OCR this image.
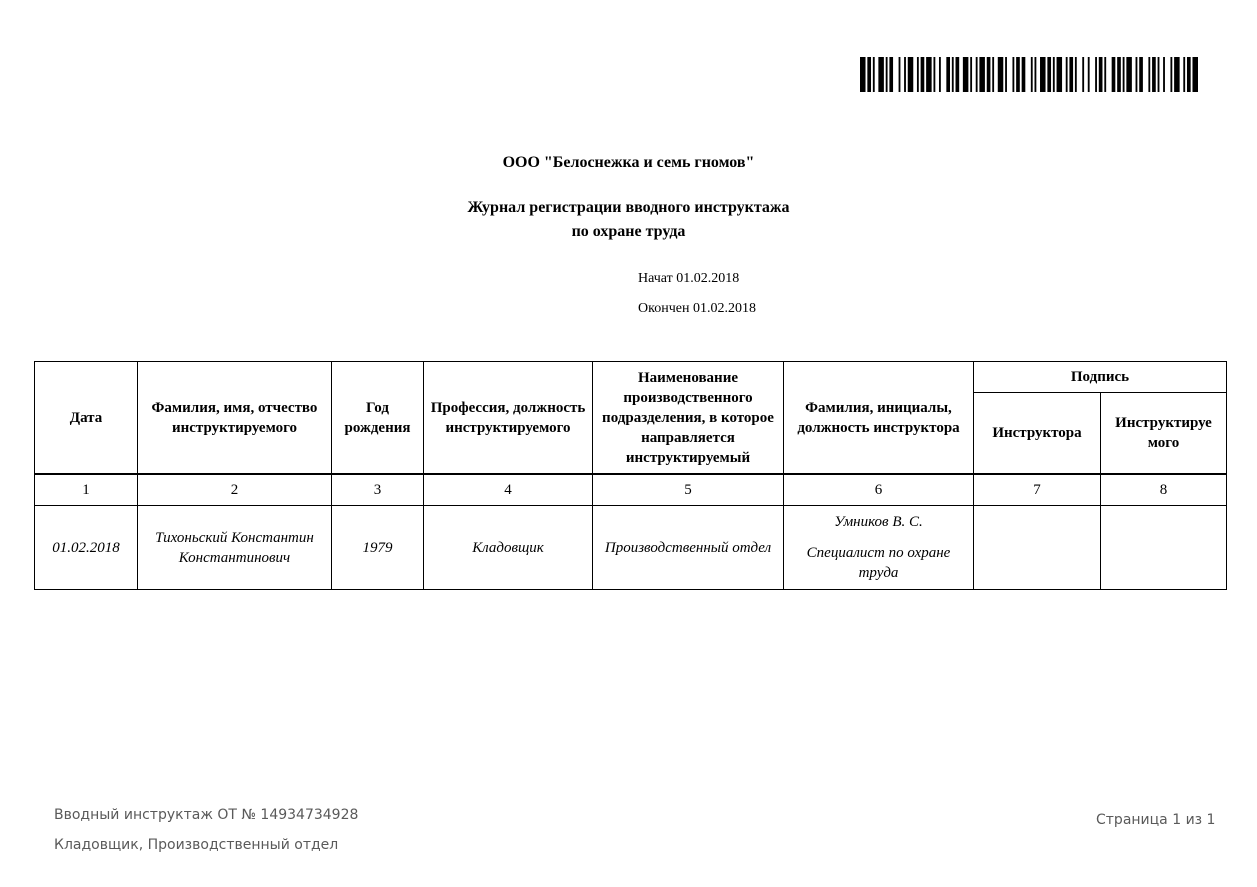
ООО "Белоснежка и семь гномов"
Журнал регистрации вводного инструктажа
по охране труда
Начат 01.02.2018
Окончен 01.02.2018
Дата	Фамилия, имя, отчество инструктируемого	Год рождения	Профессия, должность инструктируемого	Наименование производственного подразделения, в которое направляется инструктируемый	Фамилия, инициалы, должность инструктора	Подпись	
						Инструктора	Инструктируе мого
1	2	3	4	5	6	7	8
01.02.2018	Тихоньский Константин Константинович	1979	Кладовщик	Производственный отдел	Умников В. С.
Специалист по охране труда		

Вводный инструктаж ОТ № 14934734928
Кладовщик, Производственный отдел
Страница 1 из 1
